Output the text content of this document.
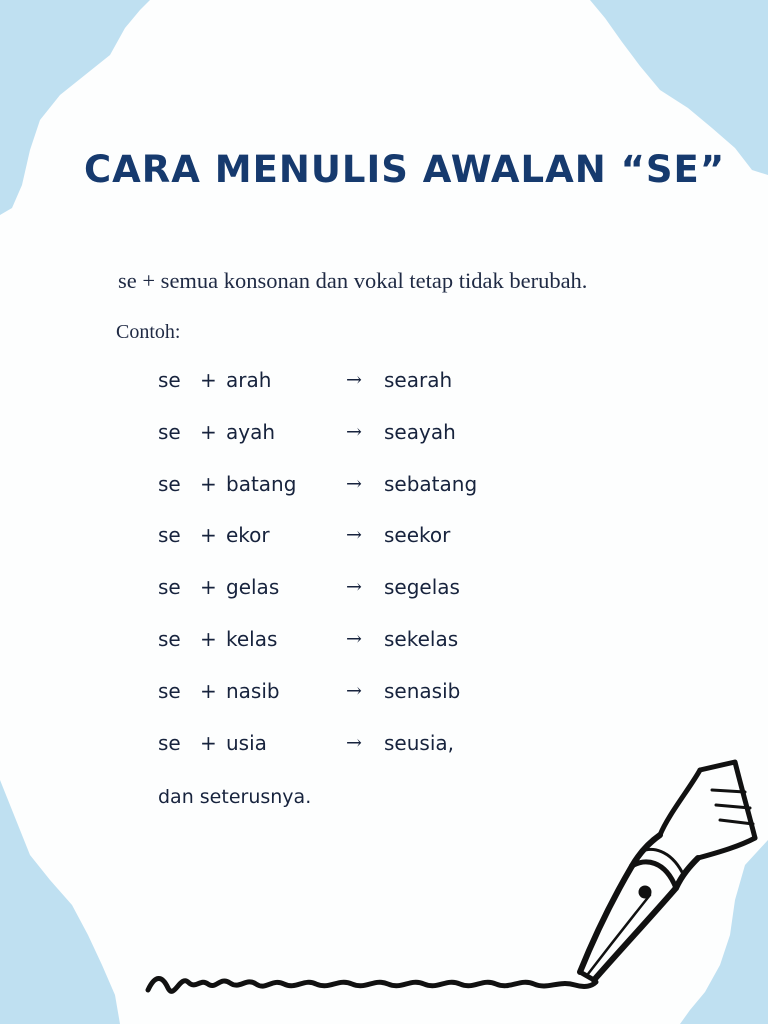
CARA MENULIS AWALAN “SE”
se + semua konsonan dan vokal tetap tidak berubah.
Contoh:
se + arah	→ searah
se + ayah	→ seayah
se + batang	→ sebatang
se + ekor	→ seekor
se + gelas	→ segelas
se + kelas	→ sekelas
se + nasib	→ senasib
se + usia	→ seusia,
dan seterusnya.
